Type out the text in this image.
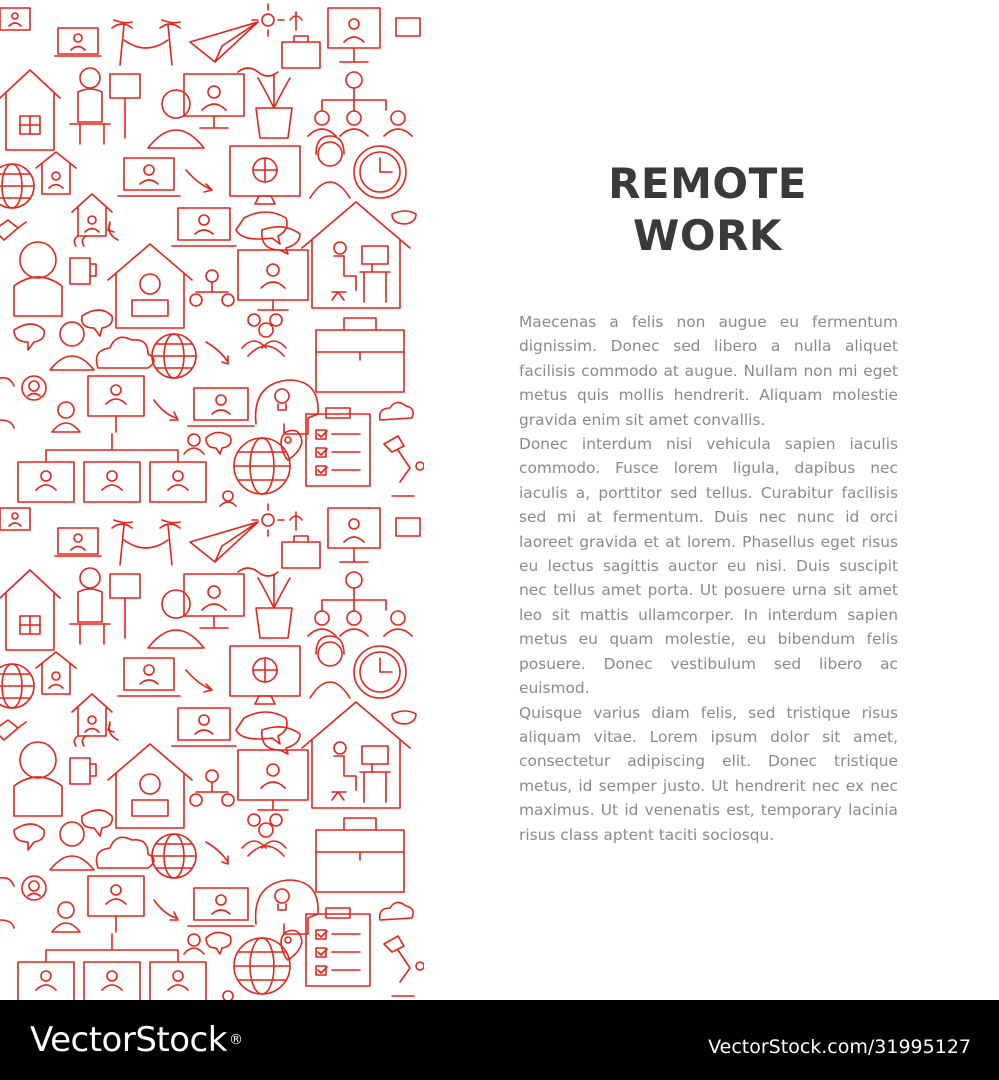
REMOTE
WORK

Maecenas a felis non augue eu fermentum dignissim. Donec sed libero a nulla aliquet facilisis commodo at augue. Nullam non mi eget metus quis mollis hendrerit. Aliquam molestie gravida enim sit amet convallis.

Donec interdum nisi vehicula sapien iaculis commodo. Fusce lorem ligula, dapibus nec iaculis a, porttitor sed tellus. Curabitur facilisis sed mi at fermentum. Duis nec nunc id orci laoreet gravida et at lorem. Phasellus eget risus eu lectus sagittis auctor eu nisi. Duis suscipit nec tellus amet porta. Ut posuere urna sit amet leo sit mattis ullamcorper. In interdum sapien metus eu quam molestie, eu bibendum felis posuere. Donec vestibulum sed libero ac euismod.

Quisque varius diam felis, sed tristique risus aliquam vitae. Lorem ipsum dolor sit amet, consectetur adipiscing elit. Donec tristique metus, id semper justo. Ut hendrerit nec ex nec maximus. Ut id venenatis est, temporary lacinia risus class aptent taciti sociosqu.

VectorStock ®	VectorStock.com/31995127
